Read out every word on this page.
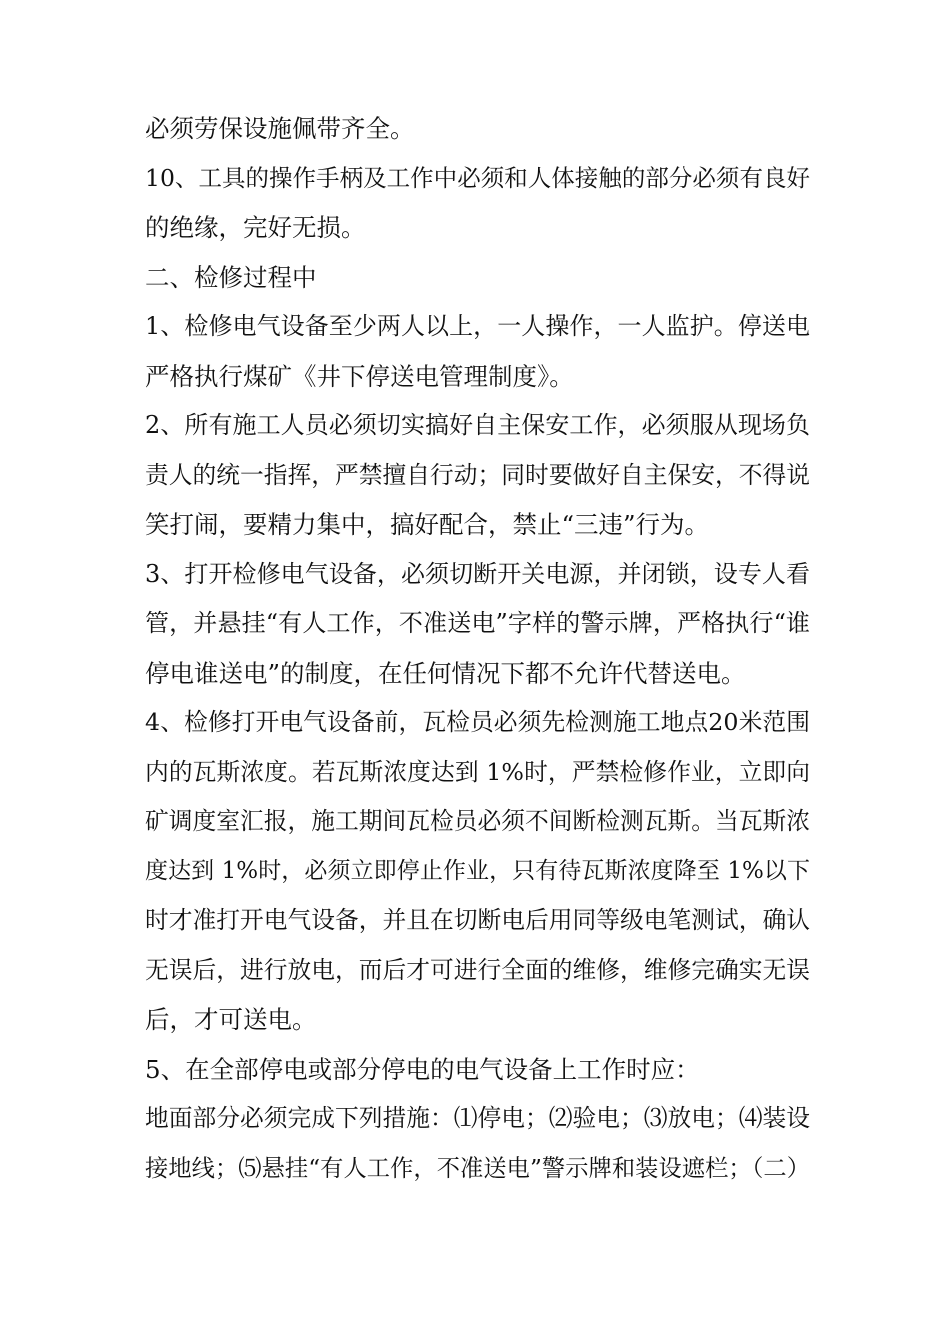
必须劳保设施佩带齐全。
10、工具的操作手柄及工作中必须和人体接触的部分必须有良好
的绝缘，完好无损。
二、检修过程中
1、检修电气设备至少两人以上，一人操作，一人监护。停送电
严格执行煤矿《井下停送电管理制度》。
2、所有施工人员必须切实搞好自主保安工作，必须服从现场负
责人的统一指挥，严禁擅自行动；同时要做好自主保安，不得说
笑打闹，要精力集中，搞好配合，禁止“三违”行为。
3、打开检修电气设备，必须切断开关电源，并闭锁，设专人看
管，并悬挂“有人工作，不准送电”字样的警示牌，严格执行“谁
停电谁送电”的制度，在任何情况下都不允许代替送电。
4、检修打开电气设备前，瓦检员必须先检测施工地点20米范围
内的瓦斯浓度。若瓦斯浓度达到 1%时，严禁检修作业，立即向
矿调度室汇报，施工期间瓦检员必须不间断检测瓦斯。当瓦斯浓
度达到 1%时，必须立即停止作业，只有待瓦斯浓度降至 1%以下
时才准打开电气设备，并且在切断电后用同等级电笔测试，确认
无误后，进行放电，而后才可进行全面的维修，维修完确实无误
后，才可送电。
5、在全部停电或部分停电的电气设备上工作时应：
地面部分必须完成下列措施：⑴停电；⑵验电；⑶放电；⑷装设
接地线；⑸悬挂“有人工作，不准送电”警示牌和装设遮栏；（二）
